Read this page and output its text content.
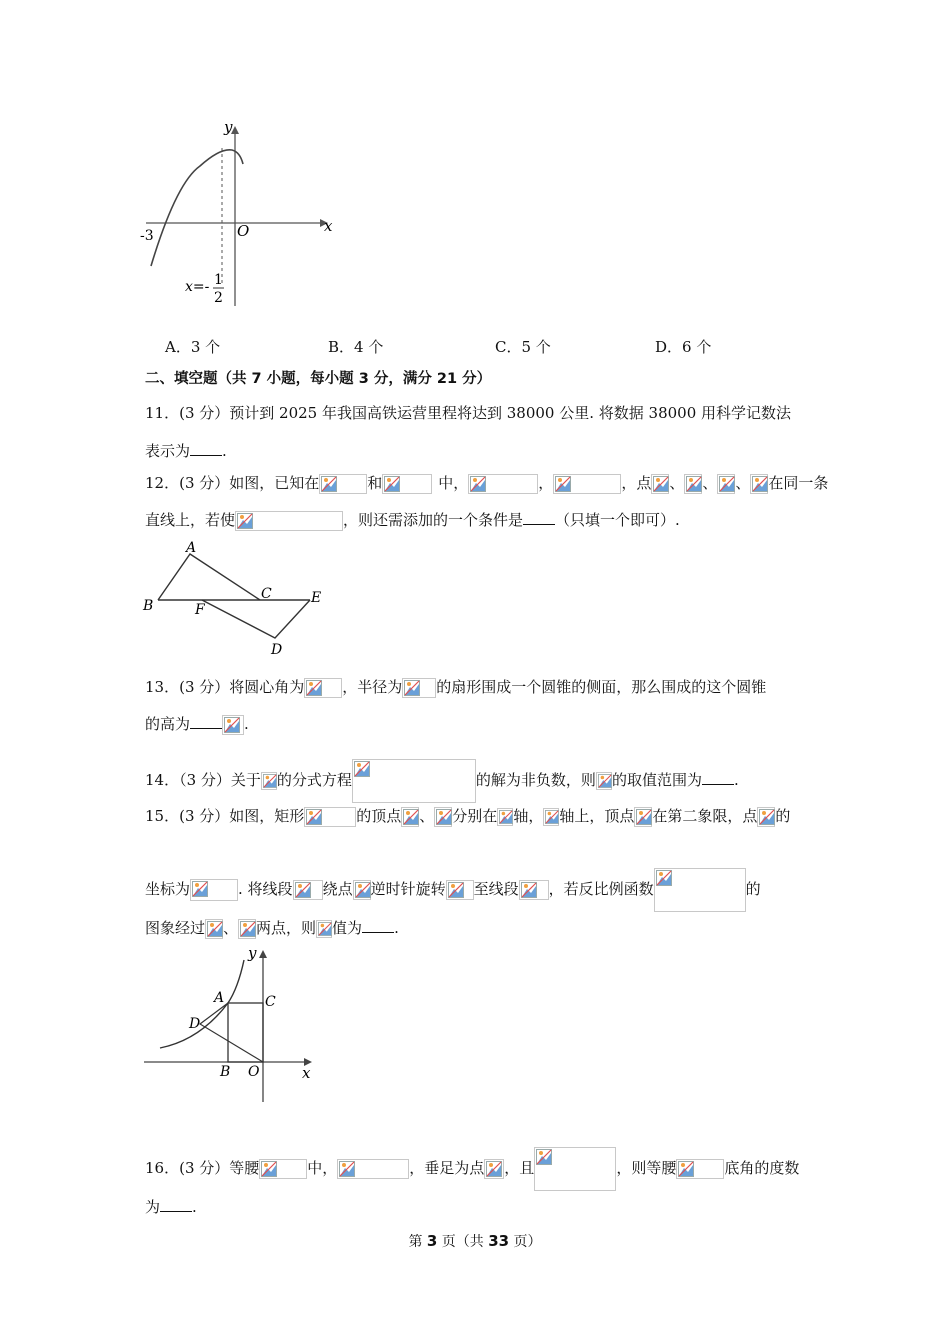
y
x
O
-3
x=- 1
2
A．3 个	B．4 个	C．5 个	D．6 个
二、填空题（共 7 小题，每小题 3 分，满分 21 分）
11．(3 分）预计到 2025 年我国高铁运营里程将达到 38000 公里. 将数据 38000 用科学记数法
表示为 .
12．(3 分）如图，已知在	和	中，	，	，点 、 、 、 在同一条
直线上，若使	，则还需添加的一个条件是 （只填一个即可）.
A
B
C	E
F
D
13．(3 分）将圆心角为	，半径为 的扇形围成一个圆锥的侧面，那么围成的这个圆锥
的高为	.
14．（3 分）关于 的分式方程	的解为非负数，则 的取值范围为 .
15．(3 分）如图，矩形	的顶点 、 分别在 轴， 轴上，顶点 在第二象限，点 的
坐标为	. 将线段 绕点 逆时针旋转 至线段 ，若反比例函数	的
图象经过 、 两点，则 值为 .
y
x
A	C
D
B O
16．(3 分）等腰	中，	，垂足为点 ，且	，则等腰	底角的度数
为 .
第 3 页（共 33 页）
